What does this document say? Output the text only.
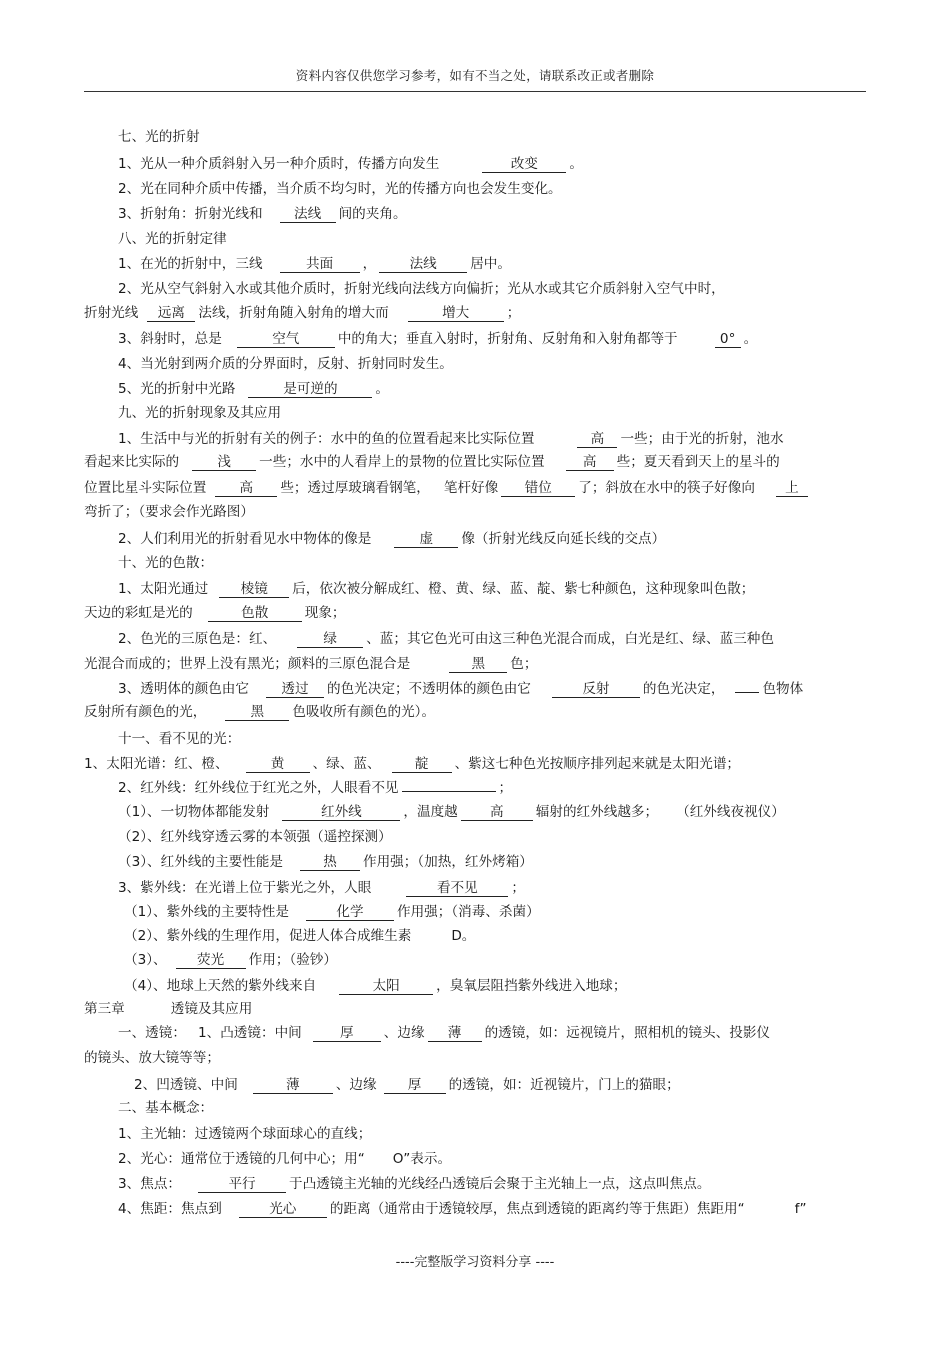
资料内容仅供您学习参考，如有不当之处，请联系改正或者删除
七、光的折射
1、光从一种介质斜射入另一种介质时，传播方向发生	改变 。
2、光在同种介质中传播，当介质不均匀时，光的传播方向也会发生变化。
3、折射角：折射光线和 法线 间的夹角。
八、光的折射定律
1、在光的折射中，三线	共面 ， 法线 居中。
2、光从空气斜射入水或其他介质时，折射光线向法线方向偏折；光从水或其它介质斜射入空气中时，
折射光线 远离 法线，折射角随入射角的增大而	增大	；
3、斜射时，总是	空气	中的角大；垂直入射时，折射角、反射角和入射角都等于	0° 。
4、当光射到两介质的分界面时，反射、折射同时发生。
5、光的折射中光路	是可逆的	。
九、光的折射现象及其应用
1、生活中与光的折射有关的例子：水中的鱼的位置看起来比实际位置	高 一些；由于光的折射，池水
看起来比实际的	浅 一些；水中的人看岸上的景物的位置比实际位置	高 些；夏天看到天上的星斗的
位置比星斗实际位置 高 些；透过厚玻璃看钢笔， 笔杆好像 错位 了；斜放在水中的筷子好像向 上
弯折了；（要求会作光路图）
2、人们利用光的折射看见水中物体的像是	虚 像（折射光线反向延长线的交点）
十、光的色散：
1、太阳光通过 棱镜 后，依次被分解成红、橙、黄、绿、蓝、靛、紫七种颜色，这种现象叫色散；
天边的彩虹是光的	色散	现象；
2、色光的三原色是：红、	绿 、蓝；其它色光可由这三种色光混合而成，白光是红、绿、蓝三种色
光混合而成的；世界上没有黑光；颜料的三原色混合是	黑 色；
3、透明体的颜色由它 透过 的色光决定；不透明体的颜色由它	反射 的色光决定，	色物体
反射所有颜色的光，	黑 色吸收所有颜色的光）。
十一、看不见的光：
1、太阳光谱：红、橙、	黄 、绿、蓝、	靛 、紫这七种色光按顺序排列起来就是太阳光谱；
2、红外线：红外线位于红光之外，人眼看不见	；
（1）、一切物体都能发射	红外线	，温度越 高 辐射的红外线越多； （红外线夜视仪）
（2）、红外线穿透云雾的本领强（遥控探测）
（3）、红外线的主要性能是	热 作用强；（加热，红外烤箱）
3、紫外线：在光谱上位于紫光之外，人眼	看不见 ；
（1）、紫外线的主要特性是	化学 作用强；（消毒、杀菌）
（2）、紫外线的生理作用，促进人体合成维生素	D。
（3）、 荧光 作用；（验钞）
（4）、地球上天然的紫外线来自	太阳	，臭氧层阻挡紫外线进入地球；
第三章	透镜及其应用
一、透镜： 1、凸透镜：中间	厚 、边缘 薄 的透镜，如：远视镜片，照相机的镜头、投影仪
的镜头、放大镜等等；
2、凹透镜、中间	薄	、边缘 厚 的透镜，如：近视镜片，门上的猫眼；
二、基本概念：
1、主光轴：过透镜两个球面球心的直线；
2、光心：通常位于透镜的几何中心；用“ O”表示。
3、焦点：	平行 于凸透镜主光轴的光线经凸透镜后会聚于主光轴上一点，这点叫焦点。
4、焦距：焦点到	光心 的距离（通常由于透镜较厚，焦点到透镜的距离约等于焦距）焦距用“	f”
----完整版学习资料分享 ----
